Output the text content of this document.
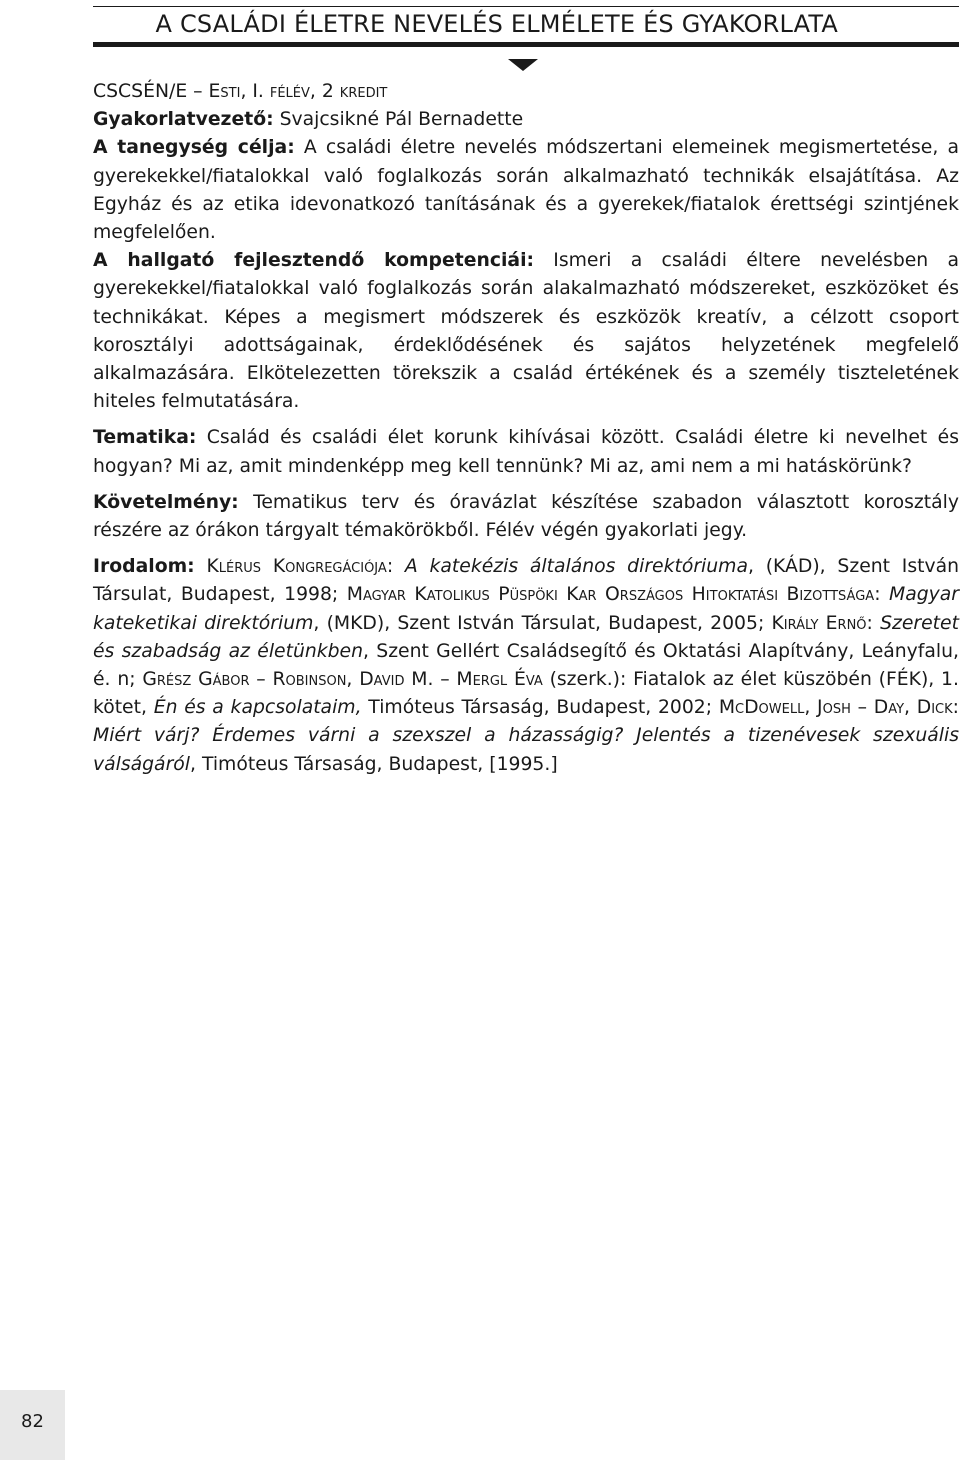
A CSALÁDI ÉLETRE NEVELÉS ELMÉLETE ÉS GYAKORLATA

CSCSÉN/E – Esti, I. félév, 2 kredit

Gyakorlatvezető: Svajcsikné Pál Bernadette

A tanegység célja: A családi életre nevelés módszertani elemeinek megismertetése, a gyerekekkel/fiatalokkal való foglalkozás során alkalmazható technikák elsajátítása. Az Egyház és az etika idevonatkozó tanításának és a gyerekek/fiatalok érettségi szintjének megfelelően.

A hallgató fejlesztendő kompetenciái: Ismeri a családi éltere nevelésben a gyerekekkel/fiatalokkal való foglalkozás során alakalmazható módszereket, eszközöket és technikákat. Képes a megismert módszerek és eszközök kreatív, a célzott csoport korosztályi adottságainak, érdeklődésének és sajátos helyzetének megfelelő alkalmazására. Elkötelezetten törekszik a család értékének és a személy tiszteletének hiteles felmutatására.

Tematika: Család és családi élet korunk kihívásai között. Családi életre ki nevelhet és hogyan? Mi az, amit mindenképp meg kell tennünk? Mi az, ami nem a mi hatáskörünk?

Követelmény: Tematikus terv és óravázlat készítése szabadon választott korosztály részére az órákon tárgyalt témakörökből. Félév végén gyakorlati jegy.

Irodalom: Klérus Kongregációja: A katekézis általános direktóriuma, (KÁD), Szent István Társulat, Budapest, 1998; Magyar Katolikus Püspöki Kar Országos Hitoktatási Bizottsága: Magyar kateketikai direktórium, (MKD), Szent István Társulat, Budapest, 2005; Király Ernő: Szeretet és szabadság az életünkben, Szent Gellért Családsegítő és Oktatási Alapítvány, Leányfalu, é. n; Grész Gábor – Robinson, David M. – Mergl Éva (szerk.): Fiatalok az élet küszöbén (FÉK), 1. kötet, Én és a kapcsolataim, Timóteus Társaság, Budapest, 2002; McDowell, Josh – Day, Dick: Miért várj? Érdemes várni a szexszel a házasságig? Jelentés a tizenévesek szexuális válságáról, Timóteus Társaság, Budapest, [1995.]

82
